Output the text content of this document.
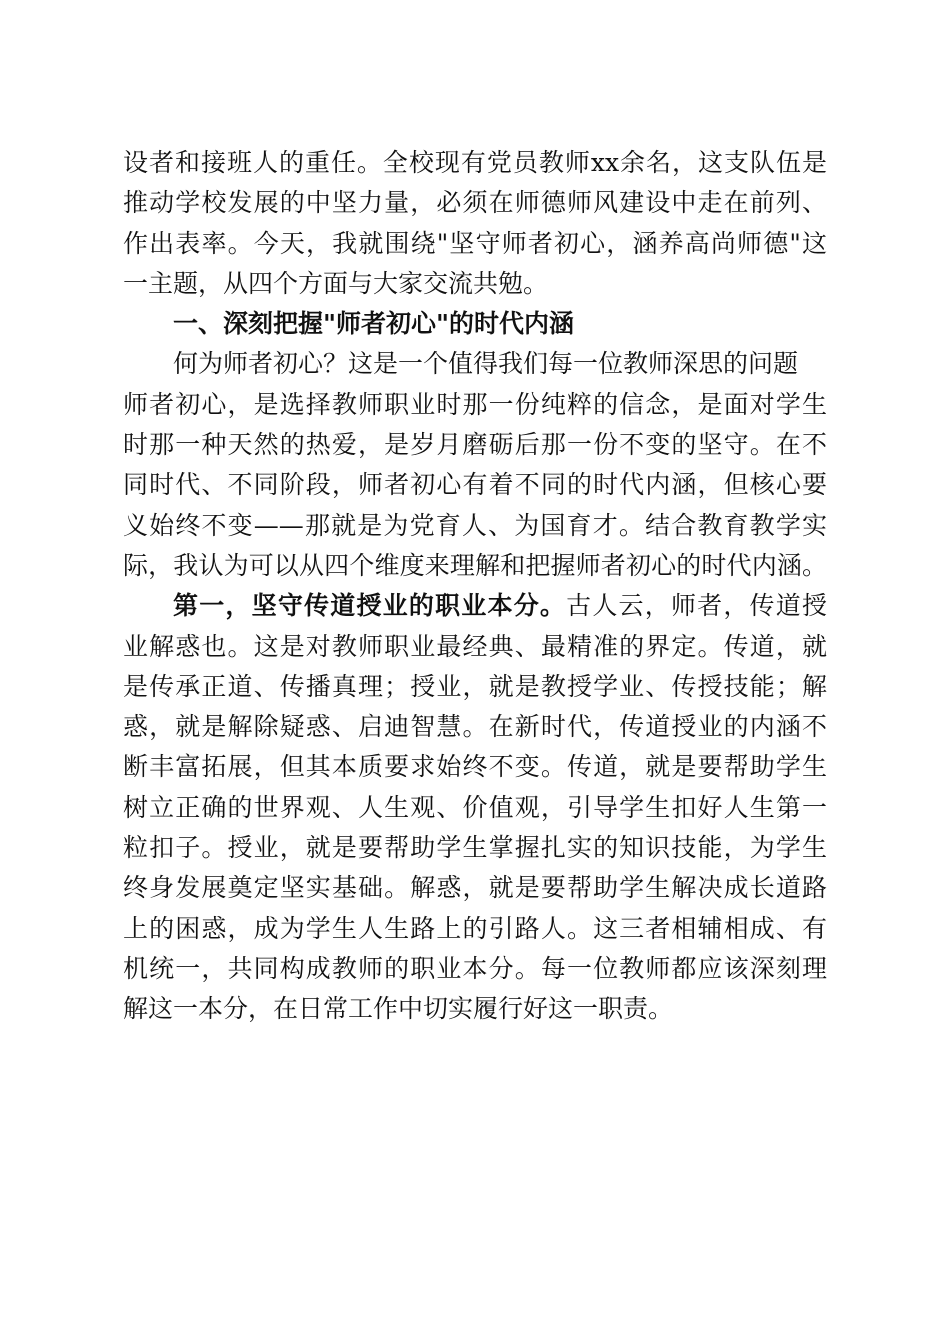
设者和接班人的重任。全校现有党员教师xx余名，这支队伍是
推动学校发展的中坚力量，必须在师德师风建设中走在前列、
作出表率。今天，我就围绕"坚守师者初心，涵养高尚师德"这
一主题，从四个方面与大家交流共勉。
一、深刻把握"师者初心"的时代内涵
何为师者初心？这是一个值得我们每一位教师深思的问题
师者初心，是选择教师职业时那一份纯粹的信念，是面对学生
时那一种天然的热爱，是岁月磨砺后那一份不变的坚守。在不
同时代、不同阶段，师者初心有着不同的时代内涵，但核心要
义始终不变——那就是为党育人、为国育才。结合教育教学实
际，我认为可以从四个维度来理解和把握师者初心的时代内涵。
第一，坚守传道授业的职业本分。古人云，师者，传道授
业解惑也。这是对教师职业最经典、最精准的界定。传道，就
是传承正道、传播真理；授业，就是教授学业、传授技能；解
惑，就是解除疑惑、启迪智慧。在新时代，传道授业的内涵不
断丰富拓展，但其本质要求始终不变。传道，就是要帮助学生
树立正确的世界观、人生观、价值观，引导学生扣好人生第一
粒扣子。授业，就是要帮助学生掌握扎实的知识技能，为学生
终身发展奠定坚实基础。解惑，就是要帮助学生解决成长道路
上的困惑，成为学生人生路上的引路人。这三者相辅相成、有
机统一，共同构成教师的职业本分。每一位教师都应该深刻理
解这一本分，在日常工作中切实履行好这一职责。
